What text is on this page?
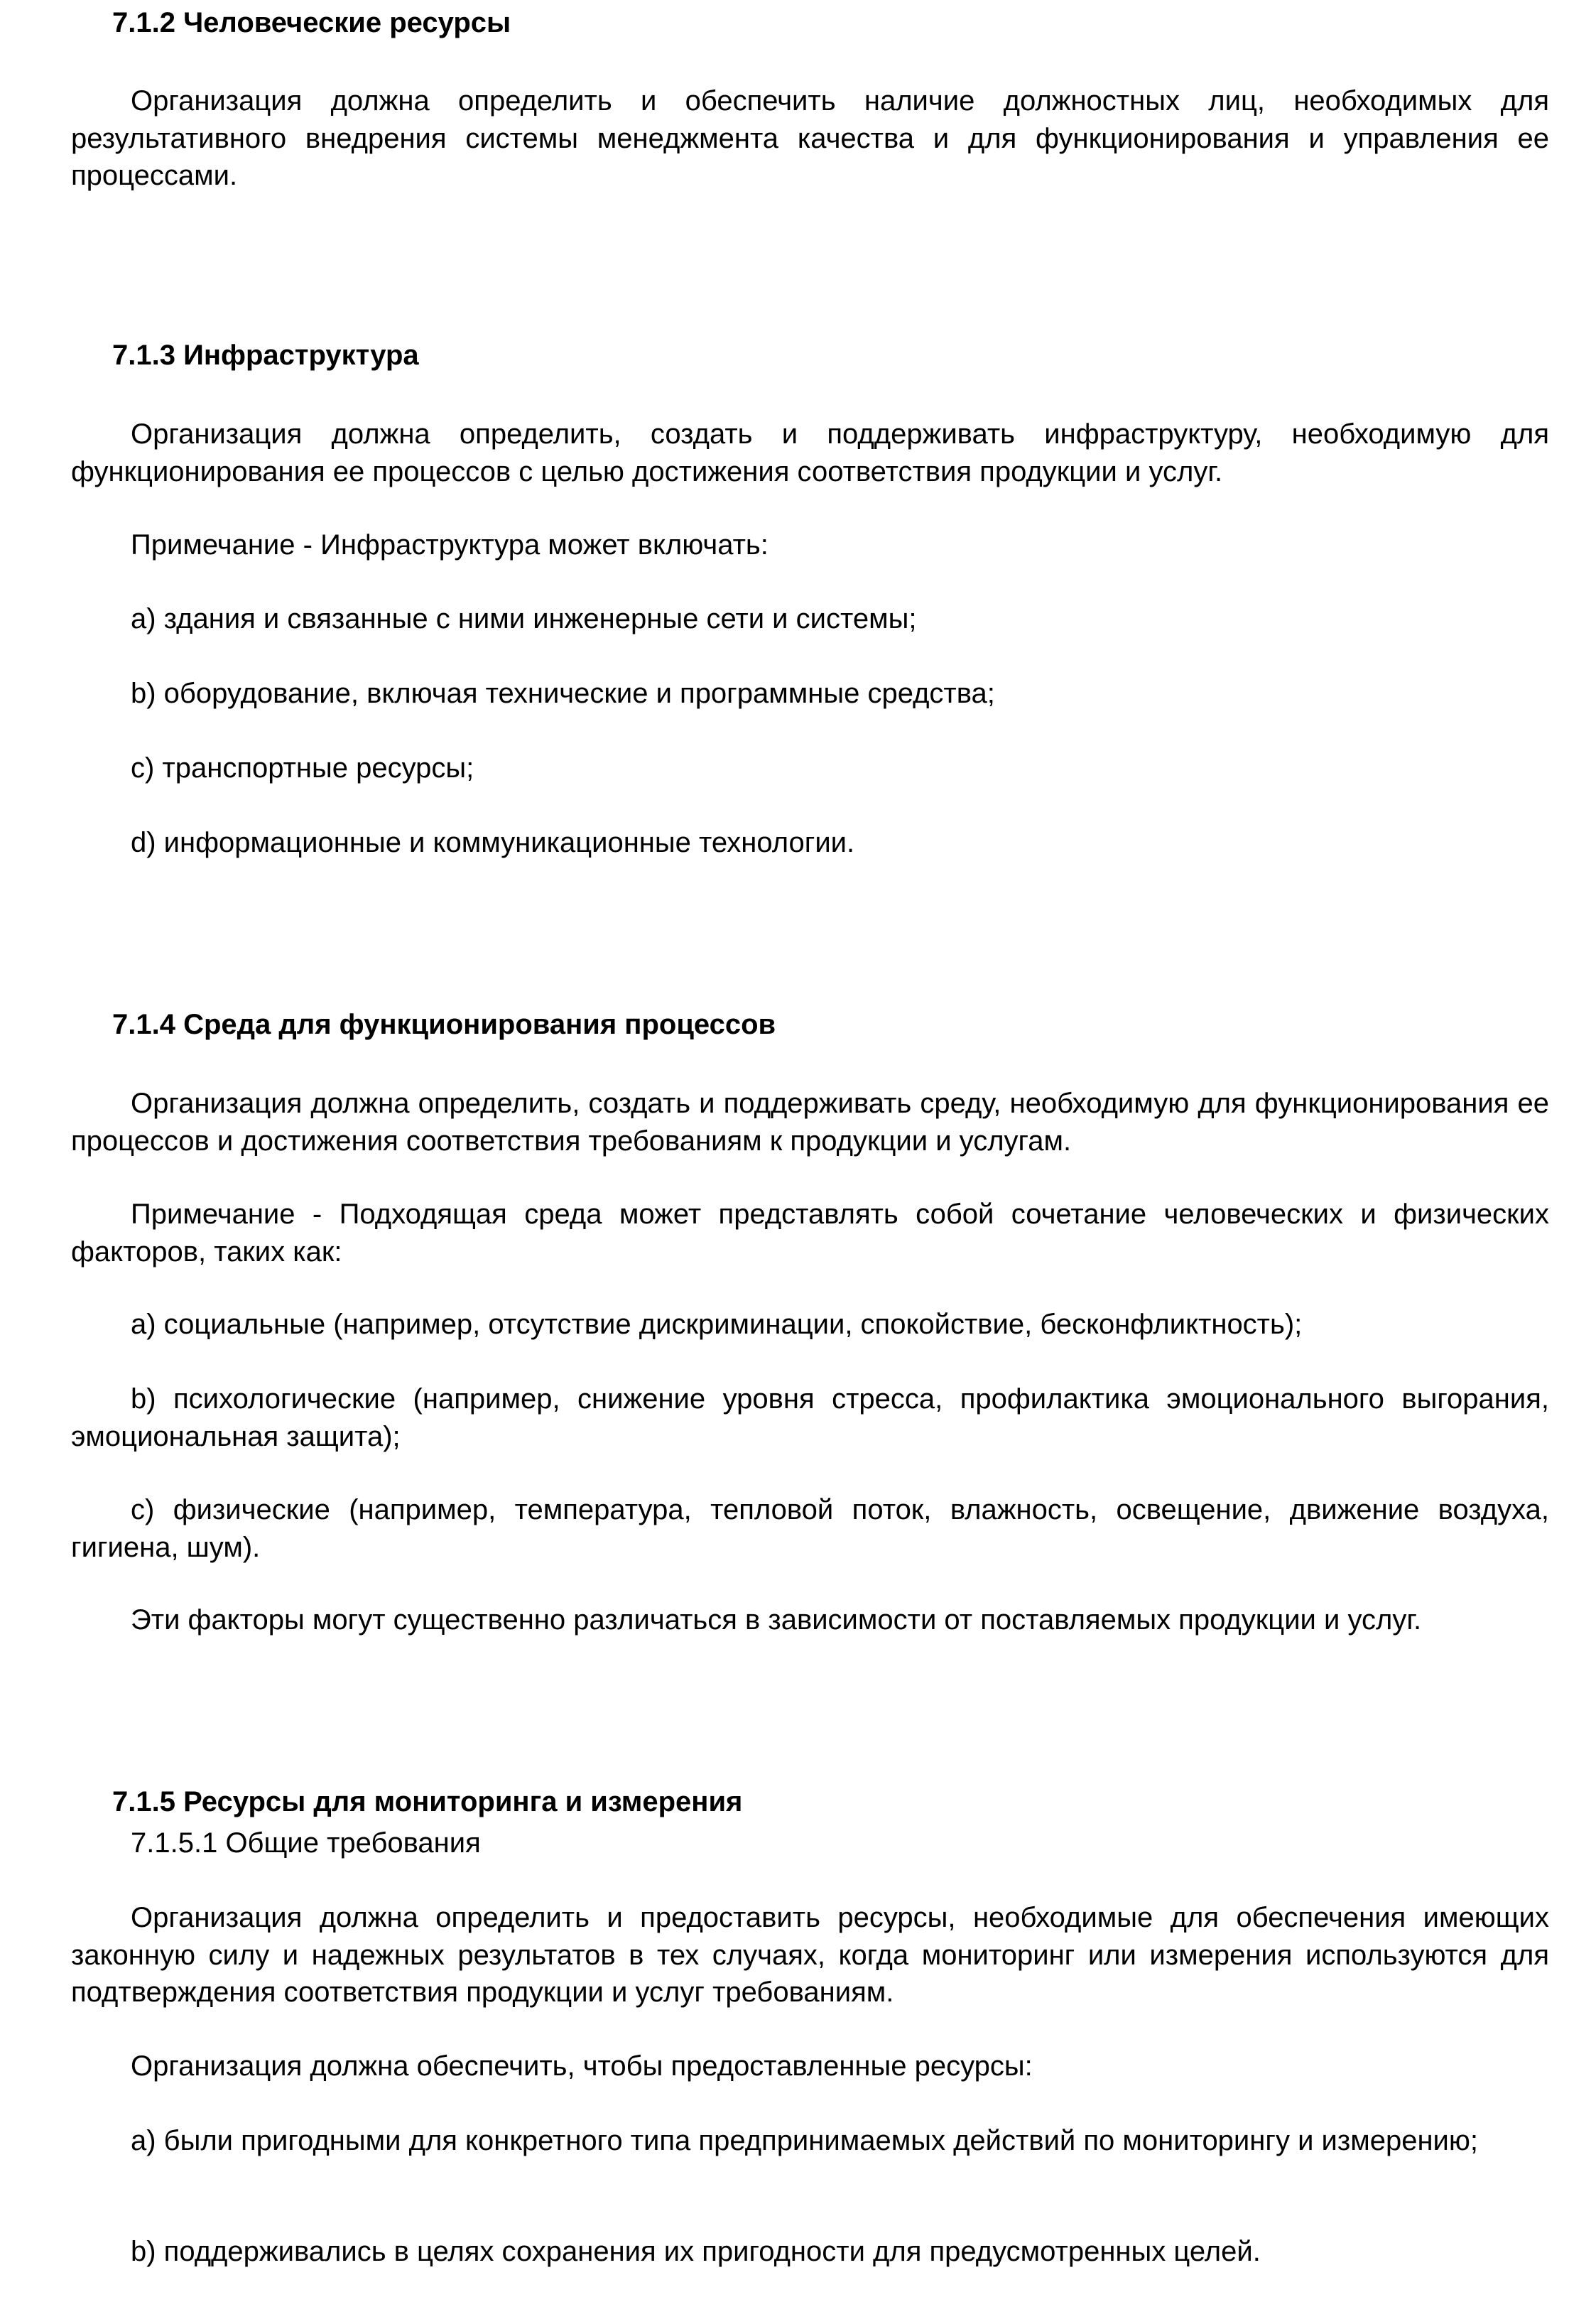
7.1.2 Человеческие ресурсы

Организация должна определить и обеспечить наличие должностных лиц, необходимых для результативного внедрения системы менеджмента качества и для функционирования и управления ее процессами.

7.1.3 Инфраструктура

Организация должна определить, создать и поддерживать инфраструктуру, необходимую для функционирования ее процессов с целью достижения соответствия продукции и услуг.

Примечание - Инфраструктура может включать:

a) здания и связанные с ними инженерные сети и системы;

b) оборудование, включая технические и программные средства;

c) транспортные ресурсы;

d) информационные и коммуникационные технологии.

7.1.4 Среда для функционирования процессов

Организация должна определить, создать и поддерживать среду, необходимую для функционирования ее процессов и достижения соответствия требованиям к продукции и услугам.

Примечание - Подходящая среда может представлять собой сочетание человеческих и физических факторов, таких как:

a) социальные (например, отсутствие дискриминации, спокойствие, бесконфликтность);

b) психологические (например, снижение уровня стресса, профилактика эмоционального выгорания, эмоциональная защита);

c) физические (например, температура, тепловой поток, влажность, освещение, движение воздуха, гигиена, шум).

Эти факторы могут существенно различаться в зависимости от поставляемых продукции и услуг.

7.1.5 Ресурсы для мониторинга и измерения
7.1.5.1 Общие требования

Организация должна определить и предоставить ресурсы, необходимые для обеспечения имеющих законную силу и надежных результатов в тех случаях, когда мониторинг или измерения используются для подтверждения соответствия продукции и услуг требованиям.

Организация должна обеспечить, чтобы предоставленные ресурсы:

a) были пригодными для конкретного типа предпринимаемых действий по мониторингу и измерению;

b) поддерживались в целях сохранения их пригодности для предусмотренных целей.
